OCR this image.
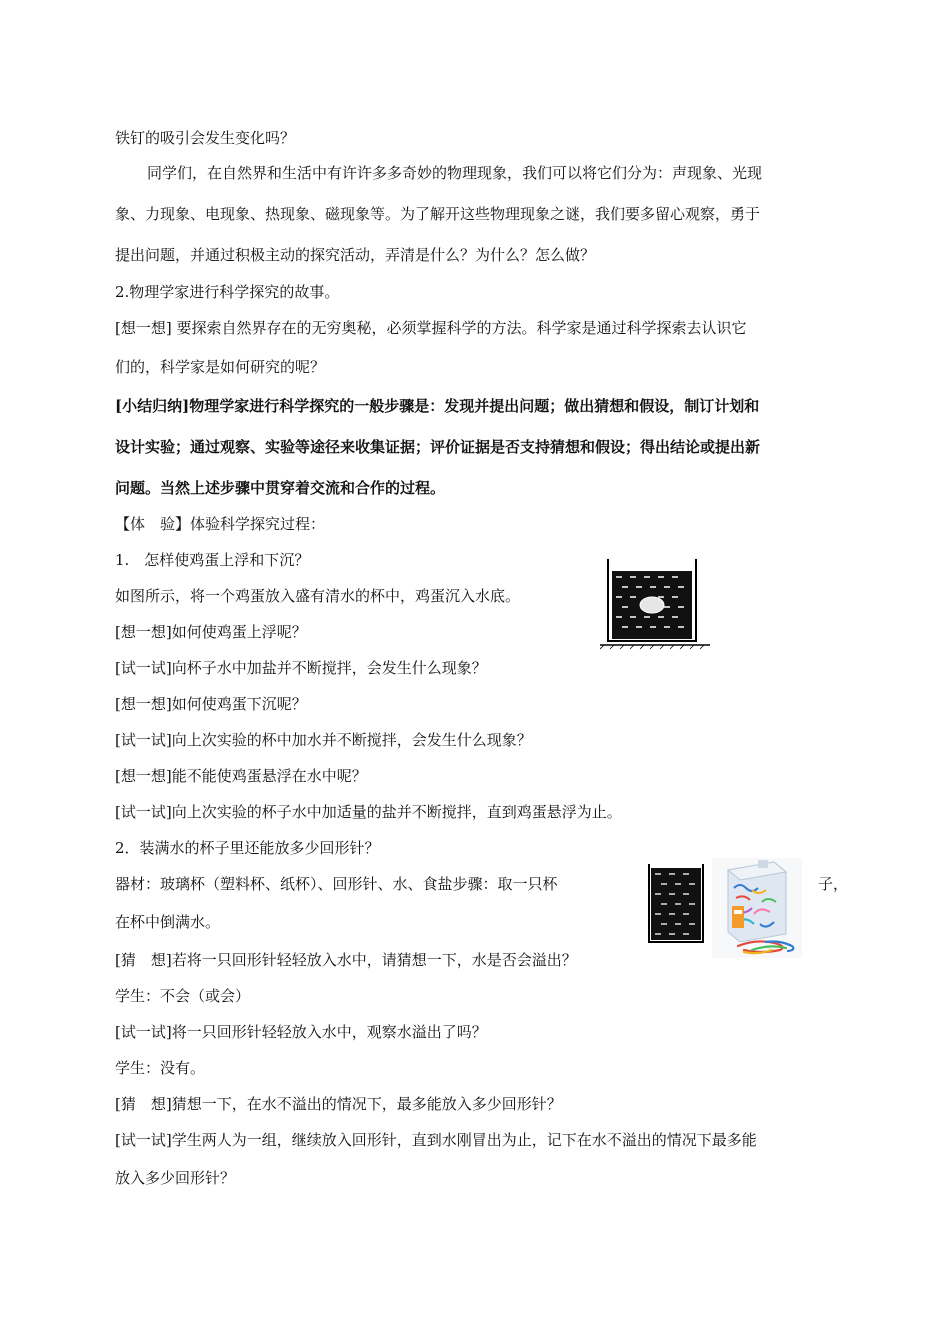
铁钉的吸引会发生变化吗？
同学们，在自然界和生活中有许许多多奇妙的物理现象，我们可以将它们分为：声现象、光现
象、力现象、电现象、热现象、磁现象等。为了解开这些物理现象之谜，我们要多留心观察，勇于
提出问题，并通过积极主动的探究活动，弄清是什么？为什么？怎么做？
2.物理学家进行科学探究的故事。
[想一想] 要探索自然界存在的无穷奥秘，必须掌握科学的方法。科学家是通过科学探索去认识它
们的，科学家是如何研究的呢？
[小结归纳]物理学家进行科学探究的一般步骤是：发现并提出问题；做出猜想和假设，制订计划和
设计实验；通过观察、实验等途径来收集证据；评价证据是否支持猜想和假设；得出结论或提出新
问题。当然上述步骤中贯穿着交流和合作的过程。
【体　验】体验科学探究过程：
1.　怎样使鸡蛋上浮和下沉？
如图所示，将一个鸡蛋放入盛有清水的杯中，鸡蛋沉入水底。
[想一想]如何使鸡蛋上浮呢？
[试一试]向杯子水中加盐并不断搅拌，会发生什么现象？
[想一想]如何使鸡蛋下沉呢？
[试一试]向上次实验的杯中加水并不断搅拌，会发生什么现象？
[想一想]能不能使鸡蛋悬浮在水中呢？
[试一试]向上次实验的杯子水中加适量的盐并不断搅拌，直到鸡蛋悬浮为止。
2．装满水的杯子里还能放多少回形针？
器材：玻璃杯（塑料杯、纸杯）、回形针、水、食盐步骤：取一只杯	子，
在杯中倒满水。
[猜　想]若将一只回形针轻轻放入水中，请猜想一下，水是否会溢出？
学生：不会（或会）
[试一试]将一只回形针轻轻放入水中，观察水溢出了吗？
学生：没有。
[猜　想]猜想一下，在水不溢出的情况下，最多能放入多少回形针？
[试一试]学生两人为一组，继续放入回形针，直到水刚冒出为止，记下在水不溢出的情况下最多能
放入多少回形针？
